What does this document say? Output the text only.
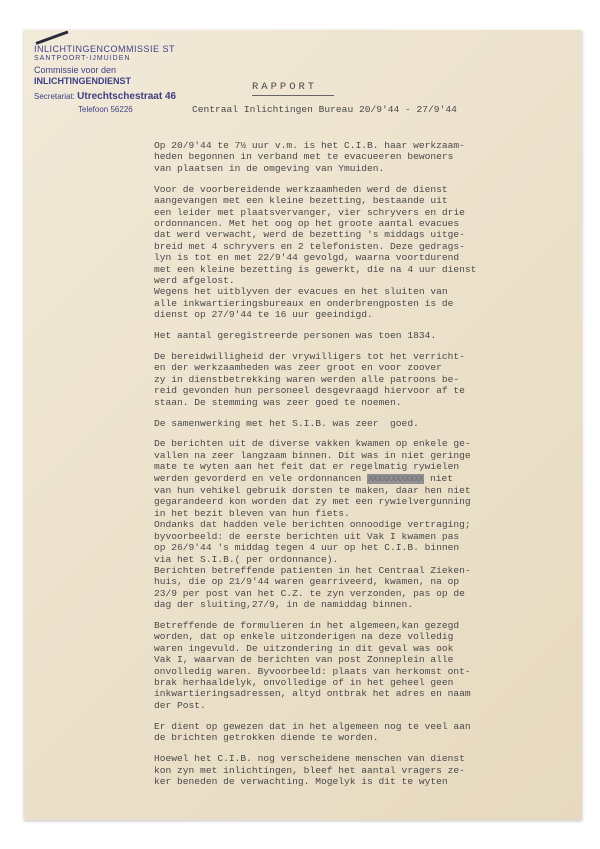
INLICHTINGENCOMMISSIE ST
SANTPOORT-IJMUIDEN
Commissie voor den
INLICHTINGENDIENST
Secretariat: Utrechtschestraat 46
Telefoon 56226
RAPPORT
Centraal Inlichtingen Bureau 20/9'44 - 27/9'44
Op 20/9'44 te 7½ uur v.m. is het C.I.B. haar werkzaam-
heden begonnen in verband met te evacueeren bewoners
van plaatsen in de omgeving van Ymuiden.
Voor de voorbereidende werkzaamheden werd de dienst
aangevangen met een kleine bezetting, bestaande uit
een leider met plaatsvervanger, vier schryvers en drie
ordonnancen. Met het oog op het groote aantal evacues
dat werd verwacht, werd de bezetting 's middags uitge-
breid met 4 schryvers en 2 telefonisten. Deze gedrags-
lyn is tot en met 22/9'44 gevolgd, waarna voortdurend
met een kleine bezetting is gewerkt, die na 4 uur dienst
werd afgelost.
Wegens het uitblyven der evacues en het sluiten van
alle inkwartieringsbureaux en onderbrengposten is de
dienst op 27/9'44 te 16 uur geeindigd.
Het aantal geregistreerde personen was toen 1834.
De bereidwilligheid der vrywilligers tot het verricht-
en der werkzaamheden was zeer groot en voor zoover
zy in dienstbetrekking waren werden alle patroons be-
reid gevonden hun personeel desgevraagd hiervoor af te
staan. De stemming was zeer goed te noemen.
De samenwerking met het S.I.B. was zeer  goed.
De berichten uit de diverse vakken kwamen op enkele ge-
vallen na zeer langzaam binnen. Dit was in niet geringe
mate te wyten aan het feit dat er regelmatig rywielen
werden gevorderd en vele ordonnancen XXXXXXXXXXXX niet
van hun vehikel gebruik dorsten te maken, daar hen niet
gegarandeerd kon worden dat zy met een rywielvergunning
in het bezit bleven van hun fiets.
Ondanks dat hadden vele berichten onnoodige vertraging;
byvoorbeeld: de eerste berichten uit Vak I kwamen pas
op 26/9'44 's middag tegen 4 uur op het C.I.B. binnen
via het S.I.B.( per ordonnance).
Berichten betreffende patienten in het Centraal Zieken-
huis, die op 21/9'44 waren gearriveerd, kwamen, na op
23/9 per post van het C.Z. te zyn verzonden, pas op de
dag der sluiting,27/9, in de namiddag binnen.
Betreffende de formulieren in het algemeen,kan gezegd
worden, dat op enkele uitzonderigen na deze volledig
waren ingevuld. De uitzondering in dit geval was ook
Vak I, waarvan de berichten van post Zonneplein alle
onvolledig waren. Byvoorbeeld: plaats van herkomst ont-
brak herhaaldelyk, onvolledige of in het geheel geen
inkwartieringsadressen, altyd ontbrak het adres en naam
der Post.
Er dient op gewezen dat in het algemeen nog te veel aan
de brichten getrokken diende te worden.
Hoewel het C.I.B. nog verscheidene menschen van dienst
kon zyn met inlichtingen, bleef het aantal vragers ze-
ker beneden de verwachting. Mogelyk is dit te wyten
